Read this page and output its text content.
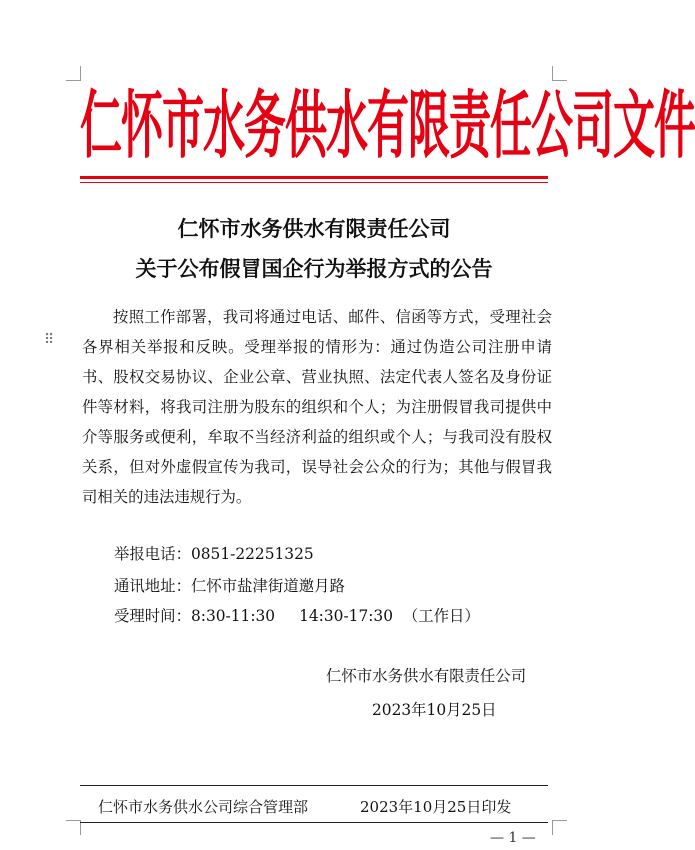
仁怀市水务供水有限责任公司文件
仁怀市水务供水有限责任公司
关于公布假冒国企行为举报方式的公告
⠿

按照工作部署，我司将通过电话、邮件、信函等方式，受理社会各界相关举报和反映。受理举报的情形为：通过伪造公司注册申请书、股权交易协议、企业公章、营业执照、法定代表人签名及身份证件等材料，将我司注册为股东的组织和个人；为注册假冒我司提供中介等服务或便利，牟取不当经济利益的组织或个人；与我司没有股权关系，但对外虚假宣传为我司，误导社会公众的行为；其他与假冒我司相关的违法违规行为。

举报电话：0851-22251325
通讯地址：仁怀市盐津街道邀月路
受理时间：8:30-11:30 14:30-17:30 （工作日）
仁怀市水务供水有限责任公司
2023年10月25日
仁怀市水务供水公司综合管理部	2023年10月25日印发
— 1 —
